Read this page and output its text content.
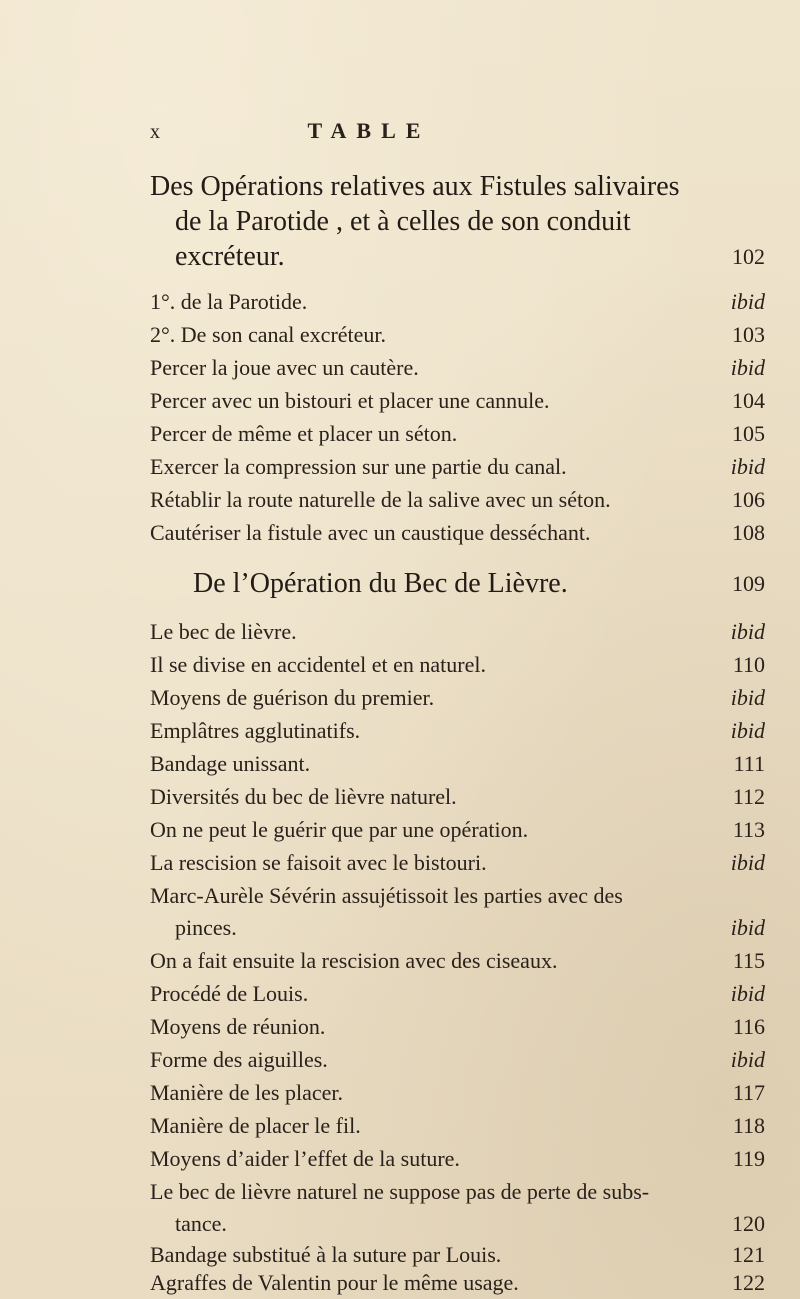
x	TABLE
Des Opérations relatives aux Fistules salivaires
de la Parotide , et à celles de son conduit
excréteur.	102
1°. de la Parotide.	ibid
2°. De son canal excréteur.	103
Percer la joue avec un cautère.	ibid
Percer avec un bistouri et placer une cannule.	104
Percer de même et placer un séton.	105
Exercer la compression sur une partie du canal.	ibid
Rétablir la route naturelle de la salive avec un séton.	106
Cautériser la fistule avec un caustique desséchant.	108
De l’Opération du Bec de Lièvre.	109
Le bec de lièvre.	ibid
Il se divise en accidentel et en naturel.	110
Moyens de guérison du premier.	ibid
Emplâtres agglutinatifs.	ibid
Bandage unissant.	111
Diversités du bec de lièvre naturel.	112
On ne peut le guérir que par une opération.	113
La rescision se faisoit avec le bistouri.	ibid
Marc-Aurèle Sévérin assujétissoit les parties avec des
pinces.	ibid
On a fait ensuite la rescision avec des ciseaux.	115
Procédé de Louis.	ibid
Moyens de réunion.	116
Forme des aiguilles.	ibid
Manière de les placer.	117
Manière de placer le fil.	118
Moyens d’aider l’effet de la suture.	119
Le bec de lièvre naturel ne suppose pas de perte de subs-
tance.	120
Bandage substitué à la suture par Louis.	121
Agraffes de Valentin pour le même usage.	122
